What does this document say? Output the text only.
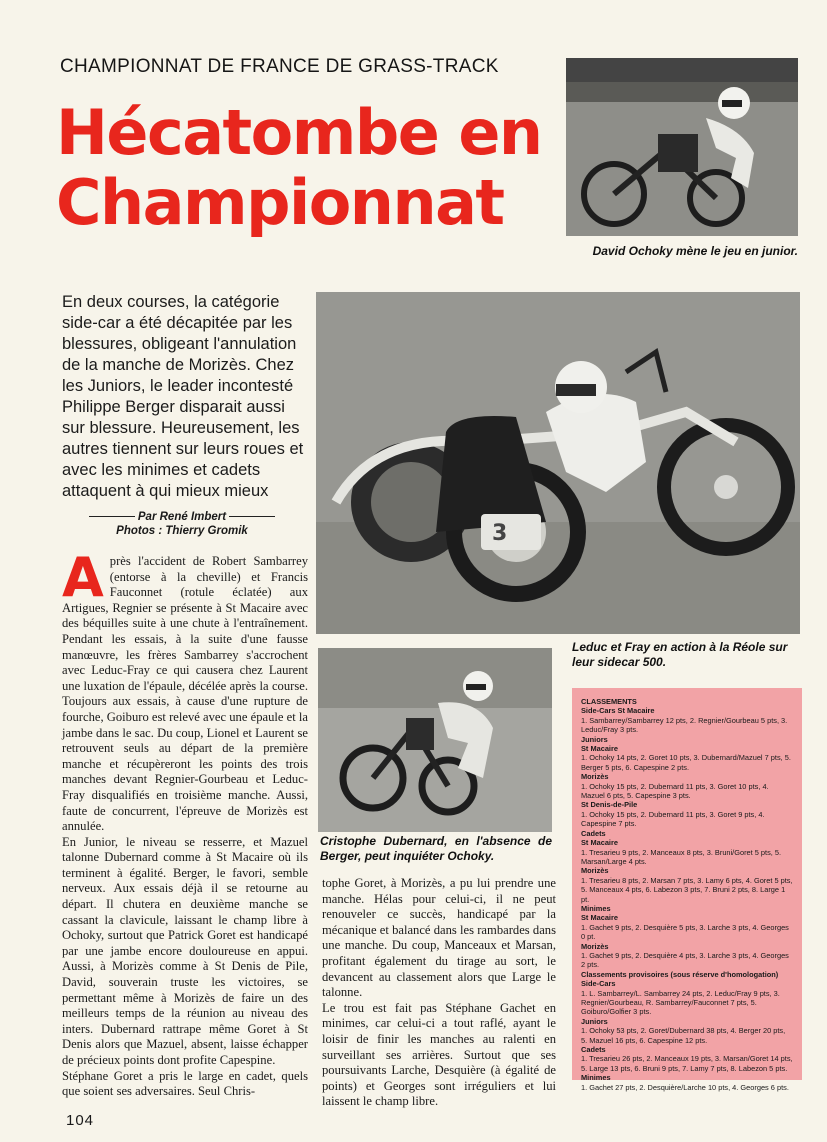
CHAMPIONNAT DE FRANCE DE GRASS-TRACK
Hécatombe en
Championnat
David Ochoky mène le jeu en junior.
En deux courses, la catégorie side-car a été décapitée par les blessures, obligeant l'annulation de la manche de Morizès. Chez les Juniors, le leader incontesté Philippe Berger disparait aussi sur blessure. Heureusement, les autres tiennent sur leurs roues et avec les minimes et cadets attaquent à qui mieux mieux
Par René Imbert
Photos : Thierry Gromik	3
Leduc et Fray en action à la Réole sur leur sidecar 500.
Cristophe Dubernard, en l'absence de Berger, peut inquiéter Ochoky.
A près l'accident de Robert Sambarrey (entorse à la cheville) et Francis Fauconnet (rotule éclatée) aux Artigues, Regnier se présente à St Macaire avec des béquilles suite à une chute à l'entraînement. Pendant les essais, à la suite d'une fausse manœuvre, les frères Sambarrey s'accrochent avec Leduc-Fray ce qui causera chez Laurent une luxation de l'épaule, décélée après la course. Toujours aux essais, à cause d'une rupture de fourche, Goiburo est relevé avec une épaule et la jambe dans le sac. Du coup, Lionel et Laurent se retrouvent seuls au départ de la première manche et récupèreront les points des trois manches devant Regnier-Gourbeau et Leduc-Fray disqualifiés en troisième manche. Aussi, faute de concurrent, l'épreuve de Morizès est annulée.

En Junior, le niveau se resserre, et Mazuel talonne Dubernard comme à St Macaire où ils terminent à égalité. Berger, le favori, semble nerveux. Aux essais déjà il se retourne au départ. Il chutera en deuxième manche se cassant la clavicule, laissant le champ libre à Ochoky, surtout que Patrick Goret est handicapé par une jambe encore douloureuse en appui. Aussi, à Morizès comme à St Denis de Pile, David, souverain truste les victoires, se permettant même à Morizès de faire un des meilleurs temps de la réunion au niveau des inters. Dubernard rattrape même Goret à St Denis alors que Mazuel, absent, laisse échapper de précieux points dont profite Capespine.

Stéphane Goret a pris le large en cadet, quels que soient ses adversaires. Seul Chris-

tophe Goret, à Morizès, a pu lui prendre une manche. Hélas pour celui-ci, il ne peut renouveler ce succès, handicapé par la mécanique et balancé dans les rambardes dans une manche. Du coup, Manceaux et Marsan, profitant également du tirage au sort, le devancent au classement alors que Large le talonne.

Le trou est fait pas Stéphane Gachet en minimes, car celui-ci a tout raflé, ayant le loisir de finir les manches au ralenti en surveillant ses arrières. Surtout que ses poursuivants Larche, Desquière (à égalité de points) et Georges sont irréguliers et lui laissent le champ libre.

CLASSEMENTS
Side-Cars St Macaire
1. Sambarrey/Sambarrey 12 pts, 2. Regnier/Gourbeau 5 pts, 3. Leduc/Fray 3 pts.
Juniors
St Macaire
1. Ochoky 14 pts, 2. Goret 10 pts, 3. Dubernard/Mazuel 7 pts, 5. Berger 5 pts, 6. Capespine 2 pts.
Morizès
1. Ochoky 15 pts, 2. Dubernard 11 pts, 3. Goret 10 pts, 4. Mazuel 6 pts, 5. Capespine 3 pts.
St Denis-de-Pile
1. Ochoky 15 pts, 2. Dubernard 11 pts, 3. Goret 9 pts, 4. Capespine 7 pts.
Cadets
St Macaire
1. Tresarieu 9 pts, 2. Manceaux 8 pts, 3. Bruni/Goret 5 pts, 5. Marsan/Large 4 pts.
Morizès
1. Tresarieu 8 pts, 2. Marsan 7 pts, 3. Lamy 6 pts, 4. Goret 5 pts, 5. Manceaux 4 pts, 6. Labezon 3 pts, 7. Bruni 2 pts, 8. Large 1 pt.
Minimes
St Macaire
1. Gachet 9 pts, 2. Desquière 5 pts, 3. Larche 3 pts, 4. Georges 0 pt.
Morizès
1. Gachet 9 pts, 2. Desquière 4 pts, 3. Larche 3 pts, 4. Georges 2 pts.
Classements provisoires (sous réserve d'homologation)
Side-Cars
1. L. Sambarrey/L. Sambarrey 24 pts, 2. Leduc/Fray 9 pts, 3. Regnier/Gourbeau, R. Sambarrey/Fauconnet 7 pts, 5. Goiburo/Golfier 3 pts.
Juniors
1. Ochoky 53 pts, 2. Goret/Dubernard 38 pts, 4. Berger 20 pts, 5. Mazuel 16 pts, 6. Capespine 12 pts.
Cadets
1. Tresarieu 26 pts, 2. Manceaux 19 pts, 3. Marsan/Goret 14 pts, 5. Large 13 pts, 6. Bruni 9 pts, 7. Lamy 7 pts, 8. Labezon 5 pts.
Minimes
1. Gachet 27 pts, 2. Desquière/Larche 10 pts, 4. Georges 6 pts.
104
